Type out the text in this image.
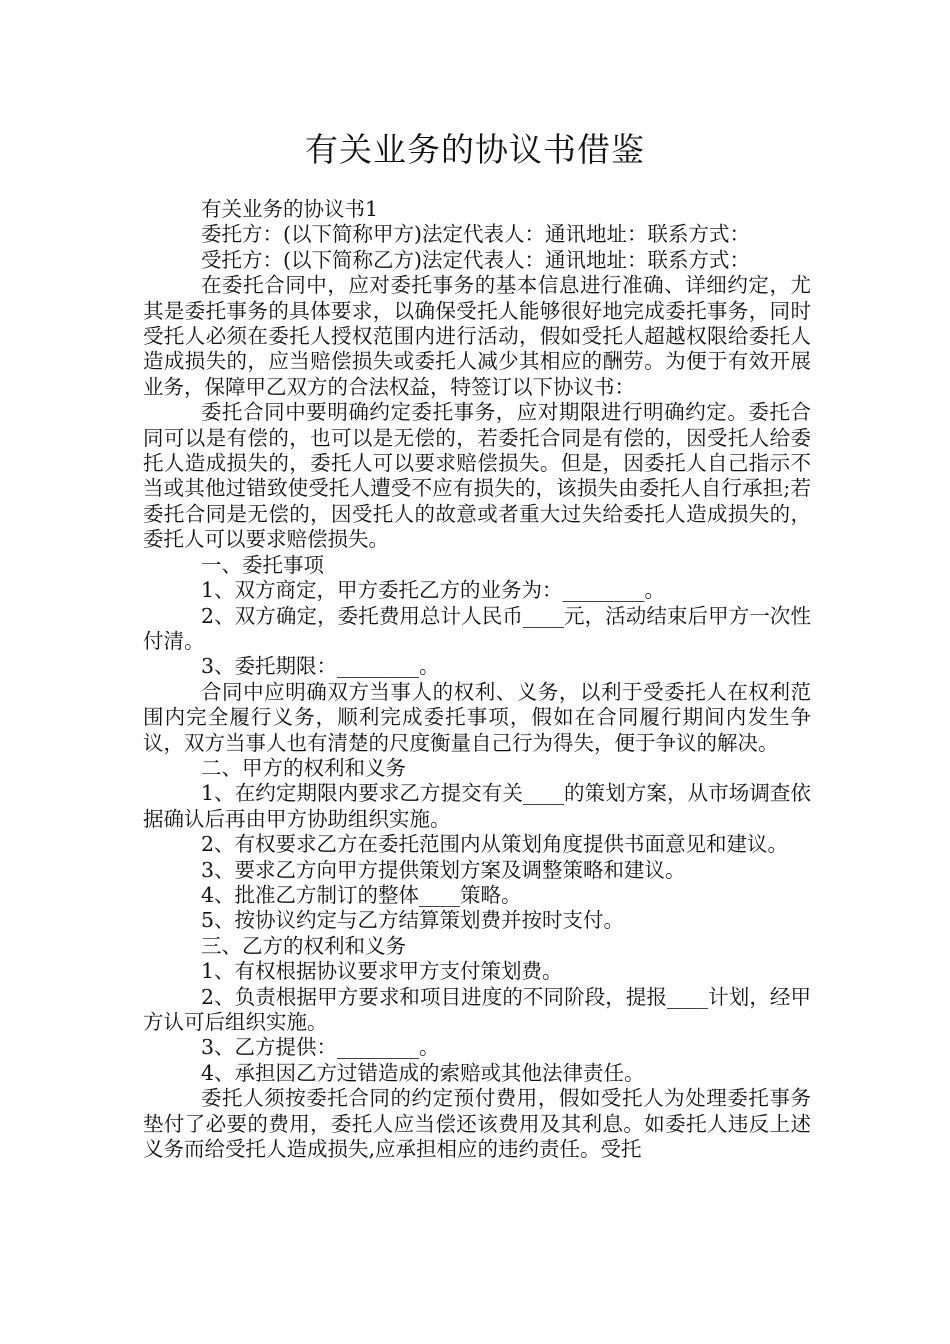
有关业务的协议书借鉴

有关业务的协议书1

委托方：(以下简称甲方)法定代表人：通讯地址：联系方式：

受托方：(以下简称乙方)法定代表人：通讯地址：联系方式：

在委托合同中，应对委托事务的基本信息进行准确、详细约定，尤其是委托事务的具体要求，以确保受托人能够很好地完成委托事务，同时受托人必须在委托人授权范围内进行活动，假如受托人超越权限给委托人造成损失的，应当赔偿损失或委托人减少其相应的酬劳。为便于有效开展业务，保障甲乙双方的合法权益，特签订以下协议书：

委托合同中要明确约定委托事务，应对期限进行明确约定。委托合同可以是有偿的，也可以是无偿的，若委托合同是有偿的，因受托人给委托人造成损失的，委托人可以要求赔偿损失。但是，因委托人自己指示不当或其他过错致使受托人遭受不应有损失的，该损失由委托人自行承担;若委托合同是无偿的，因受托人的故意或者重大过失给委托人造成损失的，委托人可以要求赔偿损失。

一、委托事项

1、双方商定，甲方委托乙方的业务为：________。

2、双方确定，委托费用总计人民币____元，活动结束后甲方一次性付清。

3、委托期限：________。

合同中应明确双方当事人的权利、义务，以利于受委托人在权利范围内完全履行义务，顺利完成委托事项，假如在合同履行期间内发生争议，双方当事人也有清楚的尺度衡量自己行为得失，便于争议的解决。

二、甲方的权利和义务

1、在约定期限内要求乙方提交有关____的策划方案，从市场调查依据确认后再由甲方协助组织实施。

2、有权要求乙方在委托范围内从策划角度提供书面意见和建议。

3、要求乙方向甲方提供策划方案及调整策略和建议。

4、批准乙方制订的整体____策略。

5、按协议约定与乙方结算策划费并按时支付。

三、乙方的权利和义务

1、有权根据协议要求甲方支付策划费。

2、负责根据甲方要求和项目进度的不同阶段，提报____计划，经甲方认可后组织实施。

3、乙方提供：________。

4、承担因乙方过错造成的索赔或其他法律责任。

委托人须按委托合同的约定预付费用，假如受托人为处理委托事务垫付了必要的费用，委托人应当偿还该费用及其利息。如委托人违反上述义务而给受托人造成损失,应承担相应的违约责任。受托
